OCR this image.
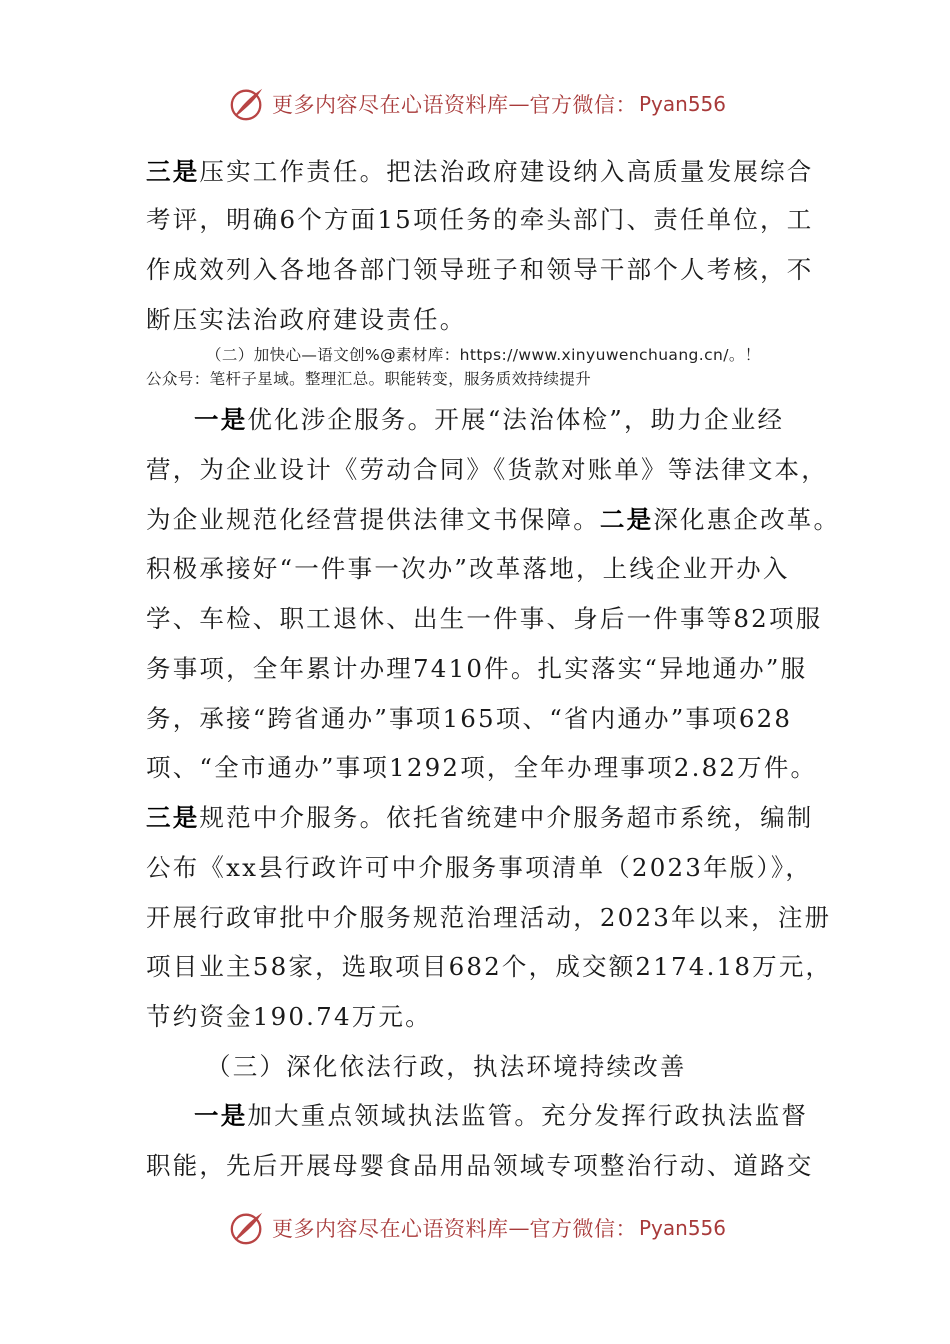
更多内容尽在心语资料库 — 官方微信： Pyan556
三是压实工作责任。把法治政府建设纳入高质量发展综合
考评，明确6个方面15项任务的牵头部门、责任单位，工
作成效列入各地各部门领导班子和领导干部个人考核，不
断压实法治政府建设责任。
（二）加快心—语文创%@素材库：https://www.xinyuwenchuang.cn/。！
公众号：笔杆子星域。整理汇总。职能转变，服务质效持续提升
一是优化涉企服务。开展“法治体检”，助力企业经
营，为企业设计《劳动合同》《货款对账单》等法律文本，
为企业规范化经营提供法律文书保障。二是深化惠企改革。
积极承接好“一件事一次办”改革落地，上线企业开办入
学、车检、职工退休、出生一件事、身后一件事等82项服
务事项，全年累计办理7410件。扎实落实“异地通办”服
务，承接“跨省通办”事项165项、“省内通办”事项628
项、“全市通办”事项1292项，全年办理事项2.82万件。
三是规范中介服务。依托省统建中介服务超市系统，编制
公布《xx县行政许可中介服务事项清单（2023年版）》，
开展行政审批中介服务规范治理活动，2023年以来，注册
项目业主58家，选取项目682个，成交额2174.18万元，
节约资金190.74万元。
（三）深化依法行政，执法环境持续改善
一是加大重点领域执法监管。充分发挥行政执法监督
职能，先后开展母婴食品用品领域专项整治行动、道路交
更多内容尽在心语资料库 — 官方微信： Pyan556
